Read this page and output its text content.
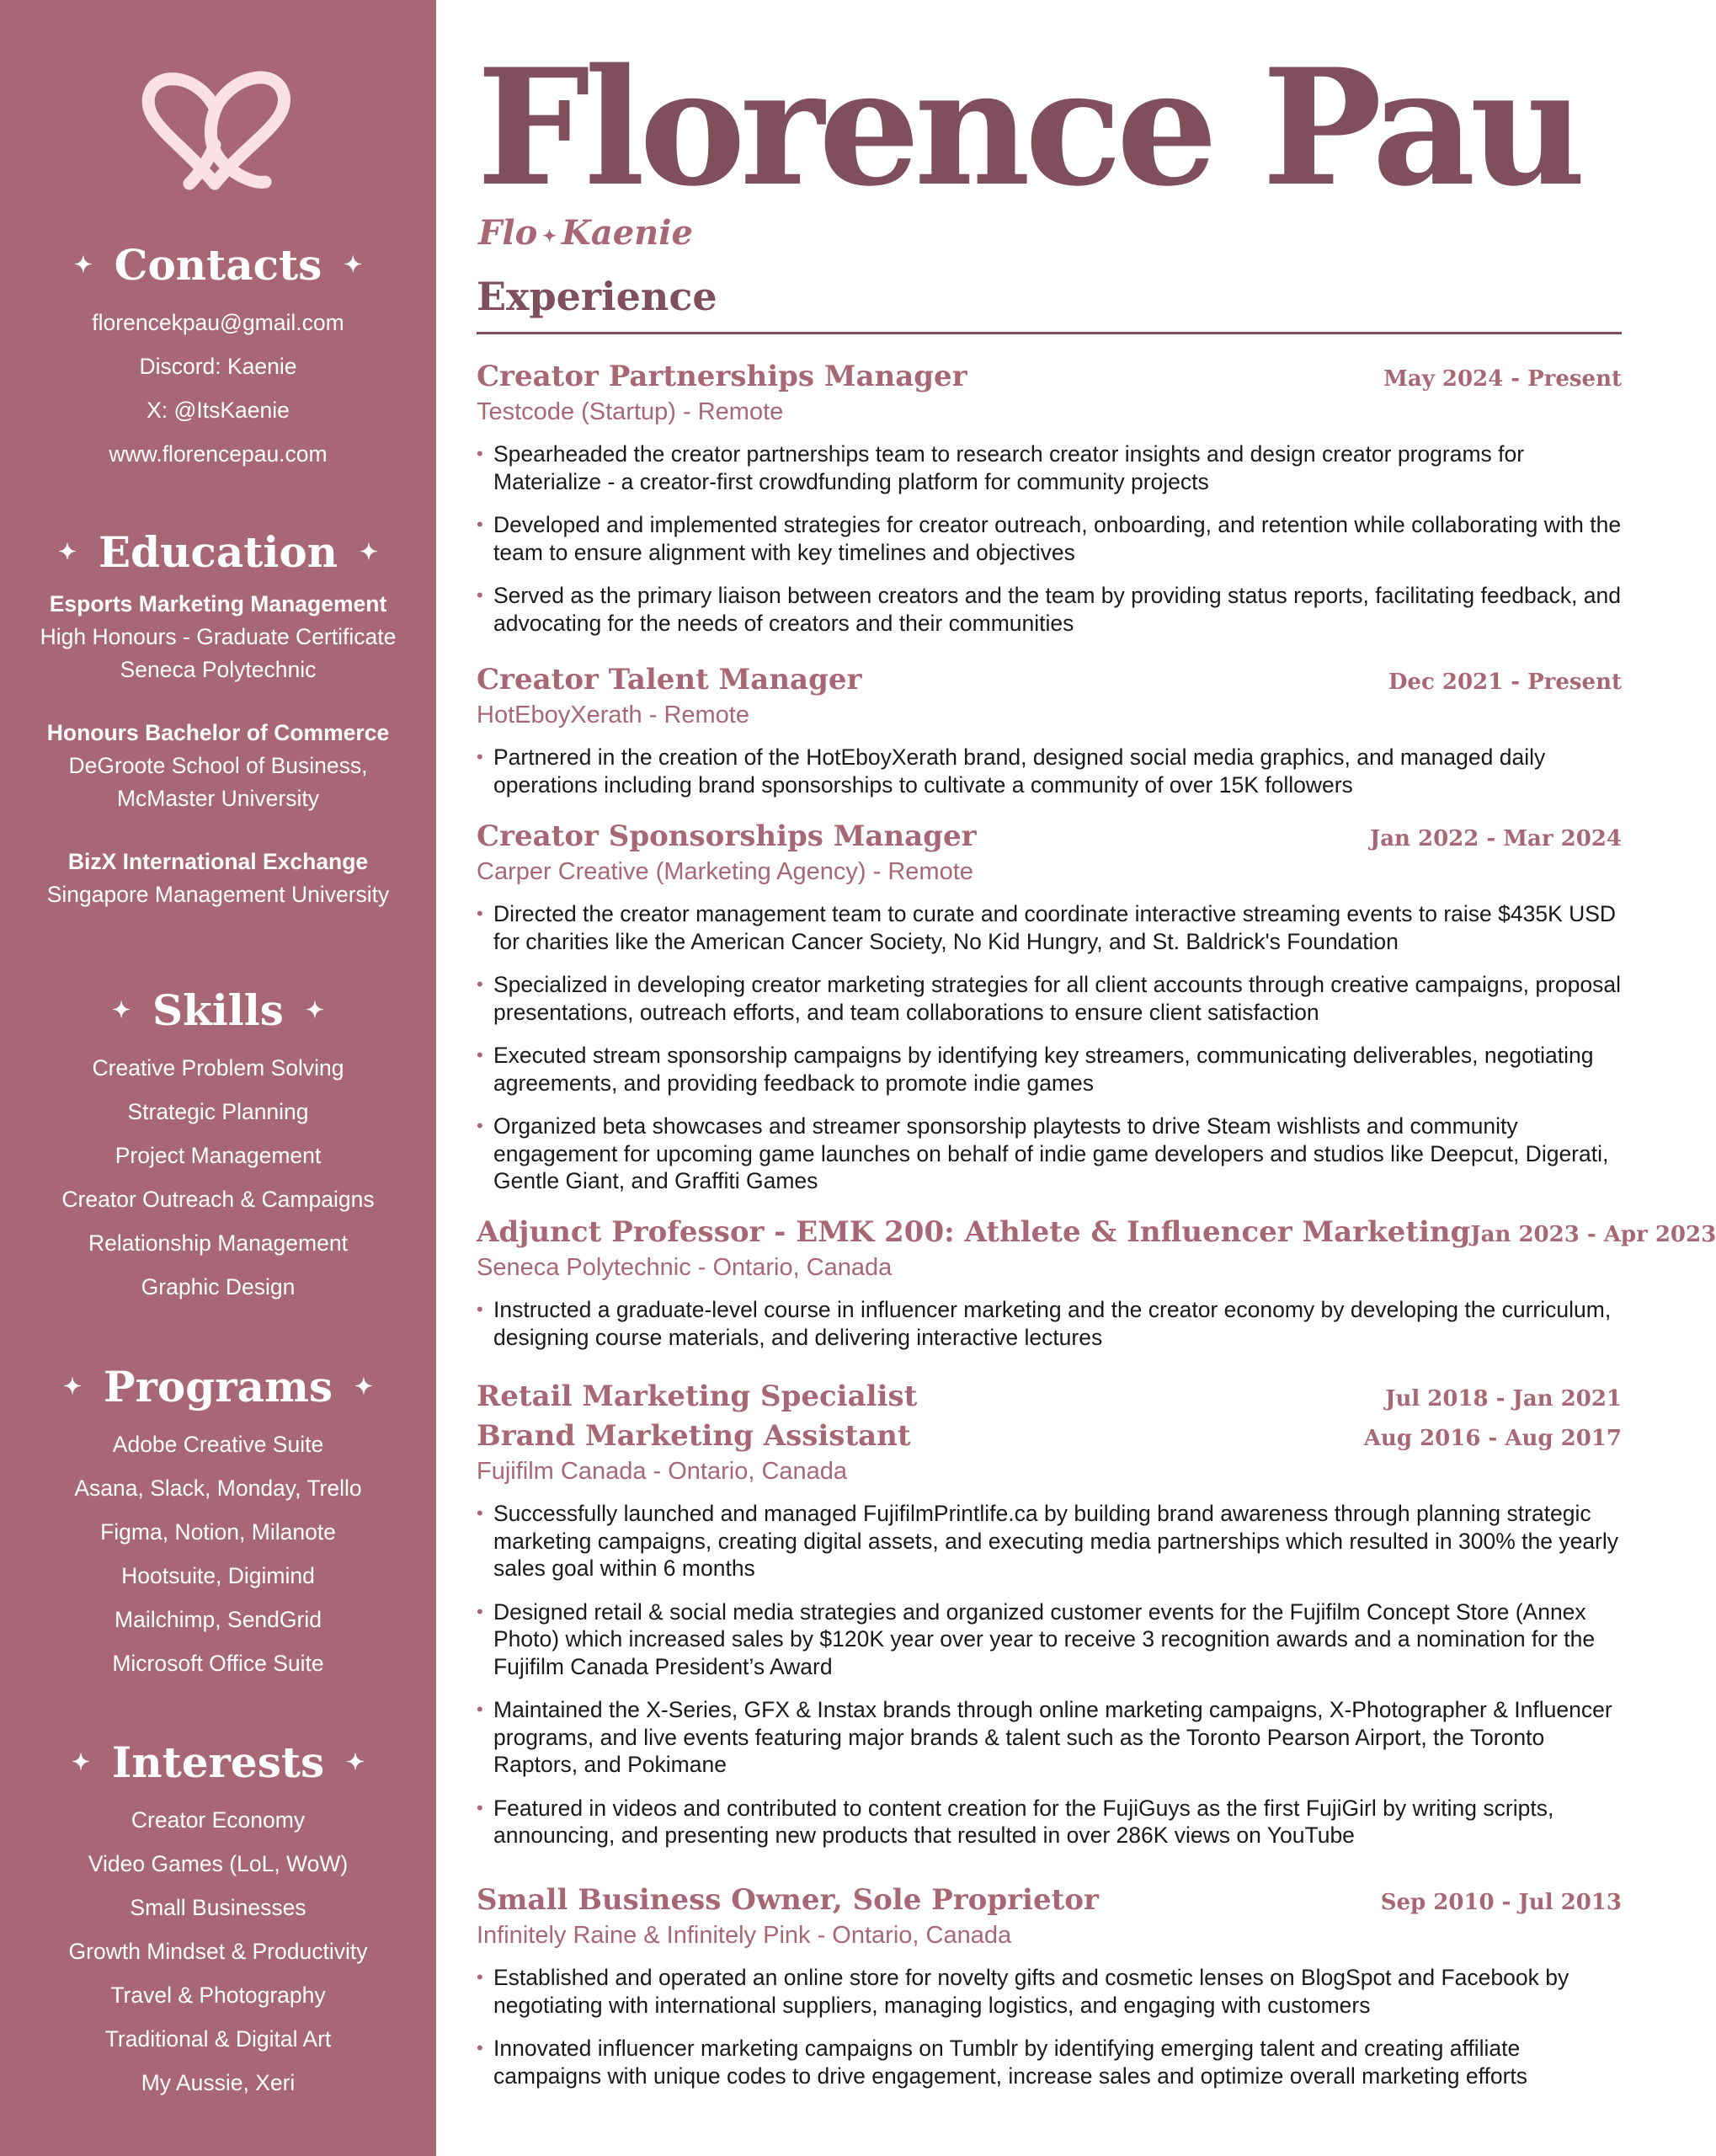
✦ Contacts ✦
florencekpau@gmail.com
Discord: Kaenie
X: @ItsKaenie
www.florencepau.com
✦ Education ✦
Esports Marketing Management
High Honours - Graduate Certificate
Seneca Polytechnic
Honours Bachelor of Commerce
DeGroote School of Business,
McMaster University
BizX International Exchange
Singapore Management University
✦ Skills ✦
Creative Problem Solving
Strategic Planning
Project Management
Creator Outreach & Campaigns
Relationship Management
Graphic Design
✦ Programs ✦
Adobe Creative Suite
Asana, Slack, Monday, Trello
Figma, Notion, Milanote
Hootsuite, Digimind
Mailchimp, SendGrid
Microsoft Office Suite
✦ Interests ✦
Creator Economy
Video Games (LoL, WoW)
Small Businesses
Growth Mindset & Productivity
Travel & Photography
Traditional & Digital Art
My Aussie, Xeri
Florence Pau
Flo ✦ Kaenie
Experience
Creator Partnerships Manager	May 2024 - Present
Testcode (Startup) - Remote
• Spearheaded the creator partnerships team to research creator insights and design creator programs for Materialize - a creator-first crowdfunding platform for community projects
• Developed and implemented strategies for creator outreach, onboarding, and retention while collaborating with the team to ensure alignment with key timelines and objectives
• Served as the primary liaison between creators and the team by providing status reports, facilitating feedback, and advocating for the needs of creators and their communities
Creator Talent Manager	Dec 2021 - Present
HotEboyXerath - Remote
• Partnered in the creation of the HotEboyXerath brand, designed social media graphics, and managed daily operations including brand sponsorships to cultivate a community of over 15K followers
Creator Sponsorships Manager	Jan 2022 - Mar 2024
Carper Creative (Marketing Agency) - Remote
• Directed the creator management team to curate and coordinate interactive streaming events to raise $435K USD for charities like the American Cancer Society, No Kid Hungry, and St. Baldrick's Foundation
• Specialized in developing creator marketing strategies for all client accounts through creative campaigns, proposal presentations, outreach efforts, and team collaborations to ensure client satisfaction
• Executed stream sponsorship campaigns by identifying key streamers, communicating deliverables, negotiating agreements, and providing feedback to promote indie games
• Organized beta showcases and streamer sponsorship playtests to drive Steam wishlists and community engagement for upcoming game launches on behalf of indie game developers and studios like Deepcut, Digerati, Gentle Giant, and Graffiti Games
Adjunct Professor - EMK 200: Athlete & Influencer Marketing Jan 2023 - Apr 2023
Seneca Polytechnic - Ontario, Canada
• Instructed a graduate-level course in influencer marketing and the creator economy by developing the curriculum, designing course materials, and delivering interactive lectures
Retail Marketing Specialist	Jul 2018 - Jan 2021
Brand Marketing Assistant	Aug 2016 - Aug 2017
Fujifilm Canada - Ontario, Canada
• Successfully launched and managed FujifilmPrintlife.ca by building brand awareness through planning strategic marketing campaigns, creating digital assets, and executing media partnerships which resulted in 300% the yearly sales goal within 6 months
• Designed retail & social media strategies and organized customer events for the Fujifilm Concept Store (Annex Photo) which increased sales by $120K year over year to receive 3 recognition awards and a nomination for the Fujifilm Canada President’s Award
• Maintained the X-Series, GFX & Instax brands through online marketing campaigns, X-Photographer & Influencer programs, and live events featuring major brands & talent such as the Toronto Pearson Airport, the Toronto Raptors, and Pokimane
• Featured in videos and contributed to content creation for the FujiGuys as the first FujiGirl by writing scripts, announcing, and presenting new products that resulted in over 286K views on YouTube
Small Business Owner, Sole Proprietor	Sep 2010 - Jul 2013
Infinitely Raine & Infinitely Pink - Ontario, Canada
• Established and operated an online store for novelty gifts and cosmetic lenses on BlogSpot and Facebook by negotiating with international suppliers, managing logistics, and engaging with customers
• Innovated influencer marketing campaigns on Tumblr by identifying emerging talent and creating affiliate campaigns with unique codes to drive engagement, increase sales and optimize overall marketing efforts
